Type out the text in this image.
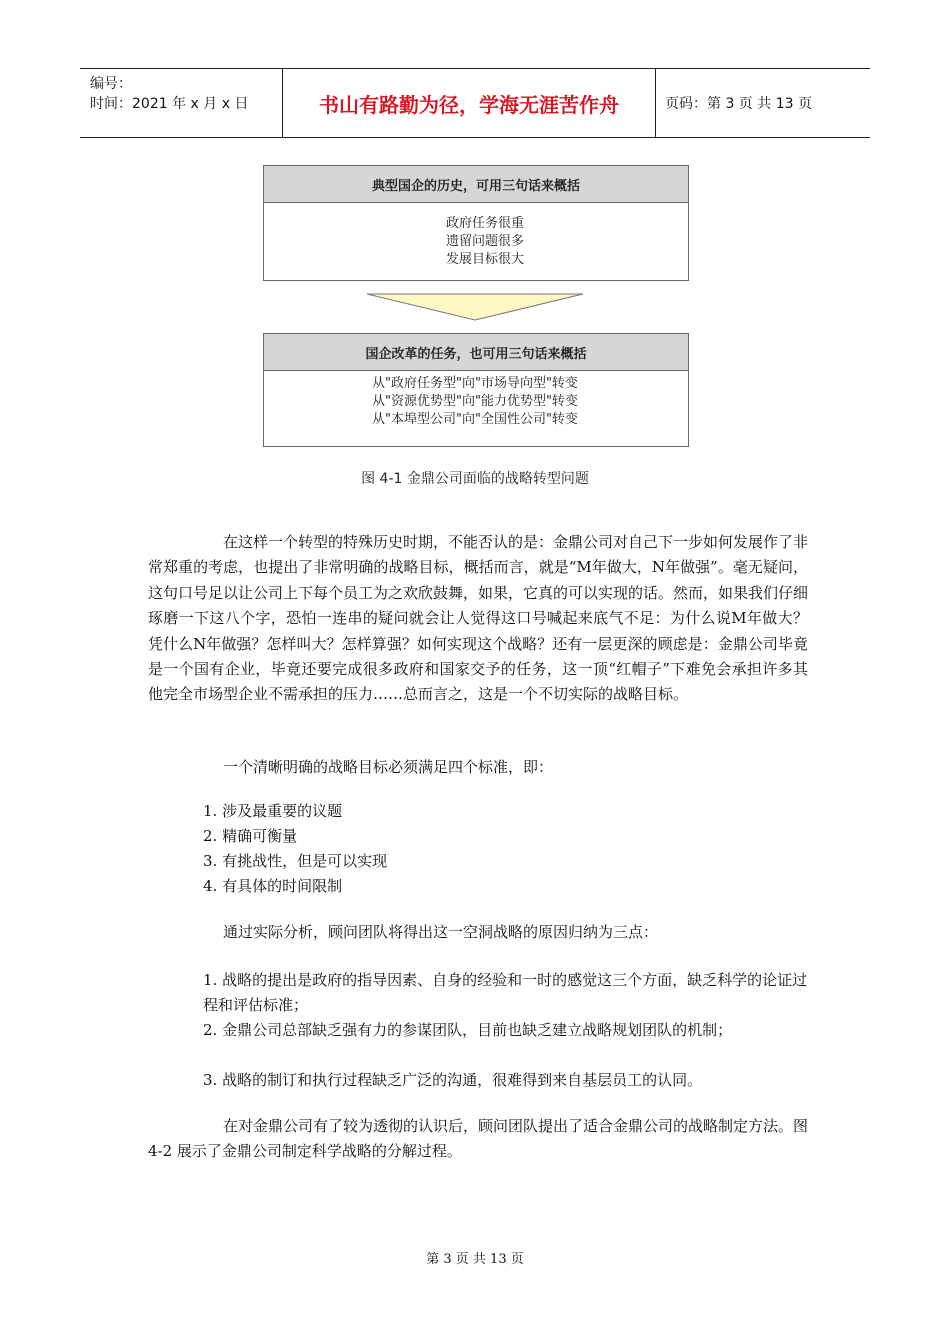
编号：
时间：2021 年 x 月 x 日	书山有路勤为径，学海无涯苦作舟	页码：第 3 页 共 13 页
典型国企的历史，可用三句话来概括
政府任务很重
遗留问题很多
发展目标很大
国企改革的任务，也可用三句话来概括
从"政府任务型"向"市场导向型"转变
从"资源优势型"向"能力优势型"转变
从"本埠型公司"向"全国性公司"转变
图 4-1 金鼎公司面临的战略转型问题

在这样一个转型的特殊历史时期，不能否认的是：金鼎公司对自己下一步如何发展作了非常郑重的考虑，也提出了非常明确的战略目标，概括而言，就是“M年做大，N年做强”。毫无疑问，这句口号足以让公司上下每个员工为之欢欣鼓舞，如果，它真的可以实现的话。然而，如果我们仔细琢磨一下这八个字，恐怕一连串的疑问就会让人觉得这口号喊起来底气不足：为什么说M年做大？凭什么N年做强？怎样叫大？怎样算强？如何实现这个战略？还有一层更深的顾虑是：金鼎公司毕竟是一个国有企业，毕竟还要完成很多政府和国家交予的任务，这一顶“红帽子”下难免会承担许多其他完全市场型企业不需承担的压力……总而言之，这是一个不切实际的战略目标。

一个清晰明确的战略目标必须满足四个标准，即：

1. 涉及最重要的议题
2. 精确可衡量
3. 有挑战性，但是可以实现
4. 有具体的时间限制

通过实际分析，顾问团队将得出这一空洞战略的原因归纳为三点：

1. 战略的提出是政府的指导因素、自身的经验和一时的感觉这三个方面，缺乏科学的论证过程和评估标准；

2. 金鼎公司总部缺乏强有力的参谋团队，目前也缺乏建立战略规划团队的机制；

3. 战略的制订和执行过程缺乏广泛的沟通，很难得到来自基层员工的认同。

在对金鼎公司有了较为透彻的认识后，顾问团队提出了适合金鼎公司的战略制定方法。图 4-2 展示了金鼎公司制定科学战略的分解过程。

第 3 页 共 13 页
